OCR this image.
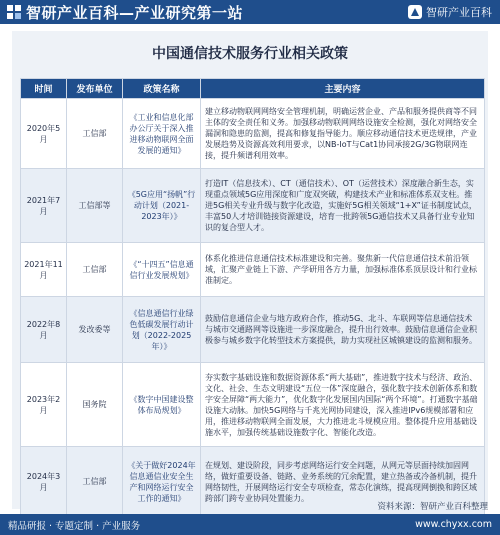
智研产业百科—产业研究第一站	智研产业百科
中国通信技术服务行业相关政策
时间	发布单位	政策名称	主要内容
2020年5月	工信部	《工业和信息化部办公厅关于深入推进移动物联网全面发展的通知》	建立移动物联网网络安全管理机制，明确运营企业、产品和服务提供商等不同主体的安全责任和义务。加强移动物联网网络设施安全检测，强化对网络安全漏洞和隐患的监测，提高和修复指导能力。顺应移动通信技术更迭规律，产业发展趋势及资源高效利用要求，以NB-IoT与Cat1协同承接2G/3G物联网连接，提升频谱利用效率。
2021年7月	工信部等	《5G应用“扬帆”行动计划（2021-2023年）》	打造IT（信息技术）、CT（通信技术）、OT（运营技术）深度融合新生态，实现重点领域5G应用深度和广度双突破，构建技术产业和标准体系双支柱。推进5G相关专业升级与数字化改造，实施好5G相关领域“1+X”证书制度试点，丰富50人才培训链接资源建设，培育一批跨领5G通信技术又具备行业专业知识的复合型人才。
2021年11月	工信部	《“十四五”信息通信行业发展规划》	体系化推进信息通信技术标准建设和完善。聚焦新一代信息通信技术前沿领域，汇聚产业链上下游、产学研用各方力量，加强标准体系顶层设计和行业标准制定。
2022年8月	发改委等	《信息通信行业绿色低碳发展行动计划（2022-2025年）》	鼓励信息通信企业与地方政府合作，推动5G、北斗、车联网等信息通信技术与城市交通路网等设施进一步深度融合，提升出行效率。鼓励信息通信企业积极参与城乡数字化转型技术方案提供，助力实现社区城镇建设的监测和服务。
2023年2月	国务院	《数字中国建设整体布局规划》	夯实数字基础设施和数据资源体系“两大基础”，推进数字技术与经济、政治、文化、社会、生态文明建设“五位一体”深度融合，强化数字技术创新体系和数字安全屏障“两大能力”，优化数字化发展国内国际“两个环境”。打通数字基础设施大动脉。加快5G网络与千兆光网协同建设，深入推进IPv6规模部署和应用，推进移动物联网全面发展，大力推进北斗规模应用。整体提升应用基础设施水平，加强传统基础设施数字化、智能化改造。
2024年3月	工信部	《关于做好2024年信息通信业安全生产和网络运行安全工作的通知》	在规划、建设阶段，同步考虑网络运行安全问题，从网元等层面持续加固网络，做好重要设备、链路、业务系统的冗余配置，建立热备或冷备机制，提升网络韧性，开展网络运行安全专项检查，常态化演练，提高现网倒换和跨区域跨部门跨专业协同处置能力。
资料来源：智研产业百科整理
精品研报 · 专题定制 · 产业服务	www.chyxx.com
